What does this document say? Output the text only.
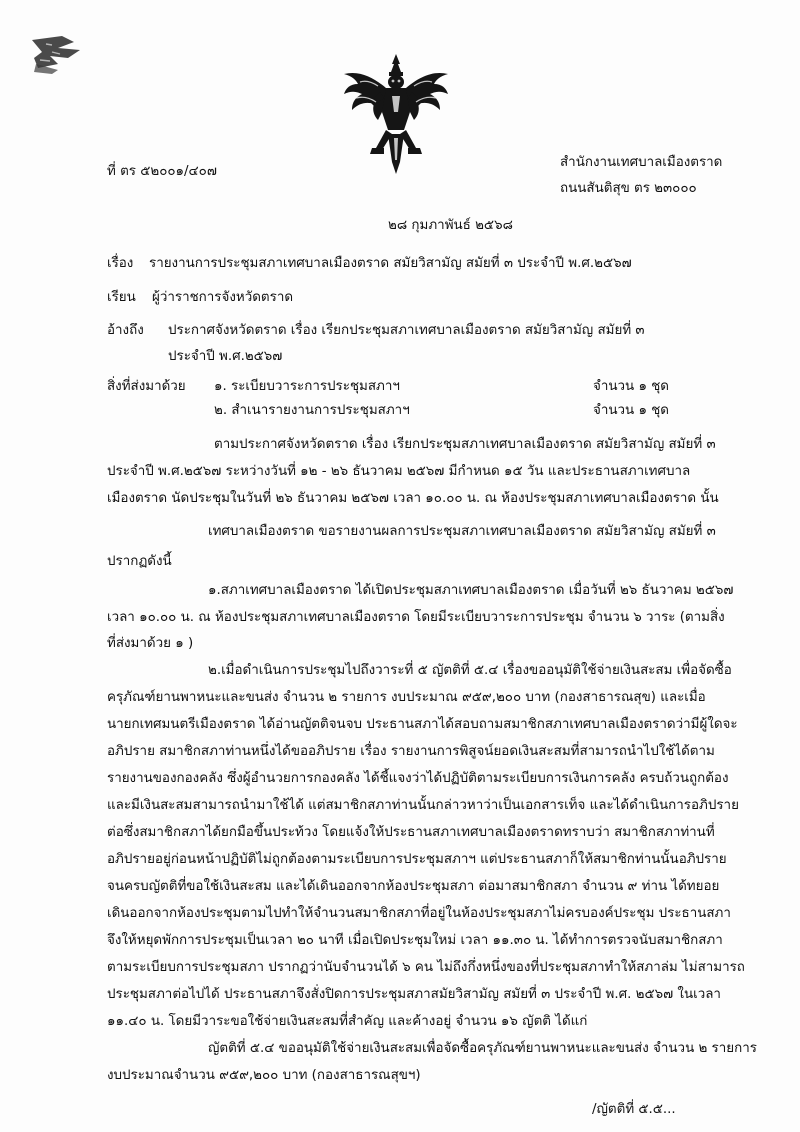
ที่ ตร ๕๒๐๐๑/๔๐๗
สำนักงานเทศบาลเมืองตราด
ถนนสันติสุข ตร ๒๓๐๐๐
๒๘ กุมภาพันธ์ ๒๕๖๘
เรื่อง รายงานการประชุมสภาเทศบาลเมืองตราด สมัยวิสามัญ สมัยที่ ๓ ประจำปี พ.ศ.๒๕๖๗
เรียน ผู้ว่าราชการจังหวัดตราด
อ้างถึง ประกาศจังหวัดตราด เรื่อง เรียกประชุมสภาเทศบาลเมืองตราด สมัยวิสามัญ สมัยที่ ๓
ประจำปี พ.ศ.๒๕๖๗
สิ่งที่ส่งมาด้วย ๑. ระเบียบวาระการประชุมสภาฯ	จำนวน ๑ ชุด
๒. สำเนารายงานการประชุมสภาฯ	จำนวน ๑ ชุด
ตามประกาศจังหวัดตราด เรื่อง เรียกประชุมสภาเทศบาลเมืองตราด สมัยวิสามัญ สมัยที่ ๓
ประจำปี พ.ศ.๒๕๖๗ ระหว่างวันที่ ๑๒ - ๒๖ ธันวาคม ๒๕๖๗ มีกำหนด ๑๕ วัน และประธานสภาเทศบาล
เมืองตราด นัดประชุมในวันที่ ๒๖ ธันวาคม ๒๕๖๗ เวลา ๑๐.๐๐ น. ณ ห้องประชุมสภาเทศบาลเมืองตราด นั้น
เทศบาลเมืองตราด ขอรายงานผลการประชุมสภาเทศบาลเมืองตราด สมัยวิสามัญ สมัยที่ ๓
ปรากฏดังนี้
๑.สภาเทศบาลเมืองตราด ได้เปิดประชุมสภาเทศบาลเมืองตราด เมื่อวันที่ ๒๖ ธันวาคม ๒๕๖๗
เวลา ๑๐.๐๐ น. ณ ห้องประชุมสภาเทศบาลเมืองตราด โดยมีระเบียบวาระการประชุม จำนวน ๖ วาระ (ตามสิ่ง
ที่ส่งมาด้วย ๑ )
๒.เมื่อดำเนินการประชุมไปถึงวาระที่ ๕ ญัตติที่ ๕.๔ เรื่องขออนุมัติใช้จ่ายเงินสะสม เพื่อจัดซื้อ
ครุภัณฑ์ยานพาหนะและขนส่ง จำนวน ๒ รายการ งบประมาณ ๙๕๙,๒๐๐ บาท (กองสาธารณสุข) และเมื่อ
นายกเทศมนตรีเมืองตราด ได้อ่านญัตติจนจบ ประธานสภาได้สอบถามสมาชิกสภาเทศบาลเมืองตราดว่ามีผู้ใดจะ
อภิปราย สมาชิกสภาท่านหนึ่งได้ขออภิปราย เรื่อง รายงานการพิสูจน์ยอดเงินสะสมที่สามารถนำไปใช้ได้ตาม
รายงานของกองคลัง ซึ่งผู้อำนวยการกองคลัง ได้ชี้แจงว่าได้ปฏิบัติตามระเบียบการเงินการคลัง ครบถ้วนถูกต้อง
และมีเงินสะสมสามารถนำมาใช้ได้ แต่สมาชิกสภาท่านนั้นกล่าวหาว่าเป็นเอกสารเท็จ และได้ดำเนินการอภิปราย
ต่อซึ่งสมาชิกสภาได้ยกมือขึ้นประท้วง โดยแจ้งให้ประธานสภาเทศบาลเมืองตราดทราบว่า สมาชิกสภาท่านที่
อภิปรายอยู่ก่อนหน้าปฏิบัติไม่ถูกต้องตามระเบียบการประชุมสภาฯ แต่ประธานสภาก็ให้สมาชิกท่านนั้นอภิปราย
จนครบญัตติที่ขอใช้เงินสะสม และได้เดินออกจากห้องประชุมสภา ต่อมาสมาชิกสภา จำนวน ๙ ท่าน ได้ทยอย
เดินออกจากห้องประชุมตามไปทำให้จำนวนสมาชิกสภาที่อยู่ในห้องประชุมสภาไม่ครบองค์ประชุม ประธานสภา
จึงให้หยุดพักการประชุมเป็นเวลา ๒๐ นาที เมื่อเปิดประชุมใหม่ เวลา ๑๑.๓๐ น. ได้ทำการตรวจนับสมาชิกสภา
ตามระเบียบการประชุมสภา ปรากฏว่านับจำนวนได้ ๖ คน ไม่ถึงกึ่งหนึ่งของที่ประชุมสภาทำให้สภาล่ม ไม่สามารถ
ประชุมสภาต่อไปได้ ประธานสภาจึงสั่งปิดการประชุมสภาสมัยวิสามัญ สมัยที่ ๓ ประจำปี พ.ศ. ๒๕๖๗ ในเวลา
๑๑.๔๐ น. โดยมีวาระขอใช้จ่ายเงินสะสมที่สำคัญ และค้างอยู่ จำนวน ๑๖ ญัตติ ได้แก่
ญัตติที่ ๕.๔ ขออนุมัติใช้จ่ายเงินสะสมเพื่อจัดซื้อครุภัณฑ์ยานพาหนะและขนส่ง จำนวน ๒ รายการ
งบประมาณจำนวน ๙๕๙,๒๐๐ บาท (กองสาธารณสุขฯ)
/ญัตติที่ ๕.๕...
